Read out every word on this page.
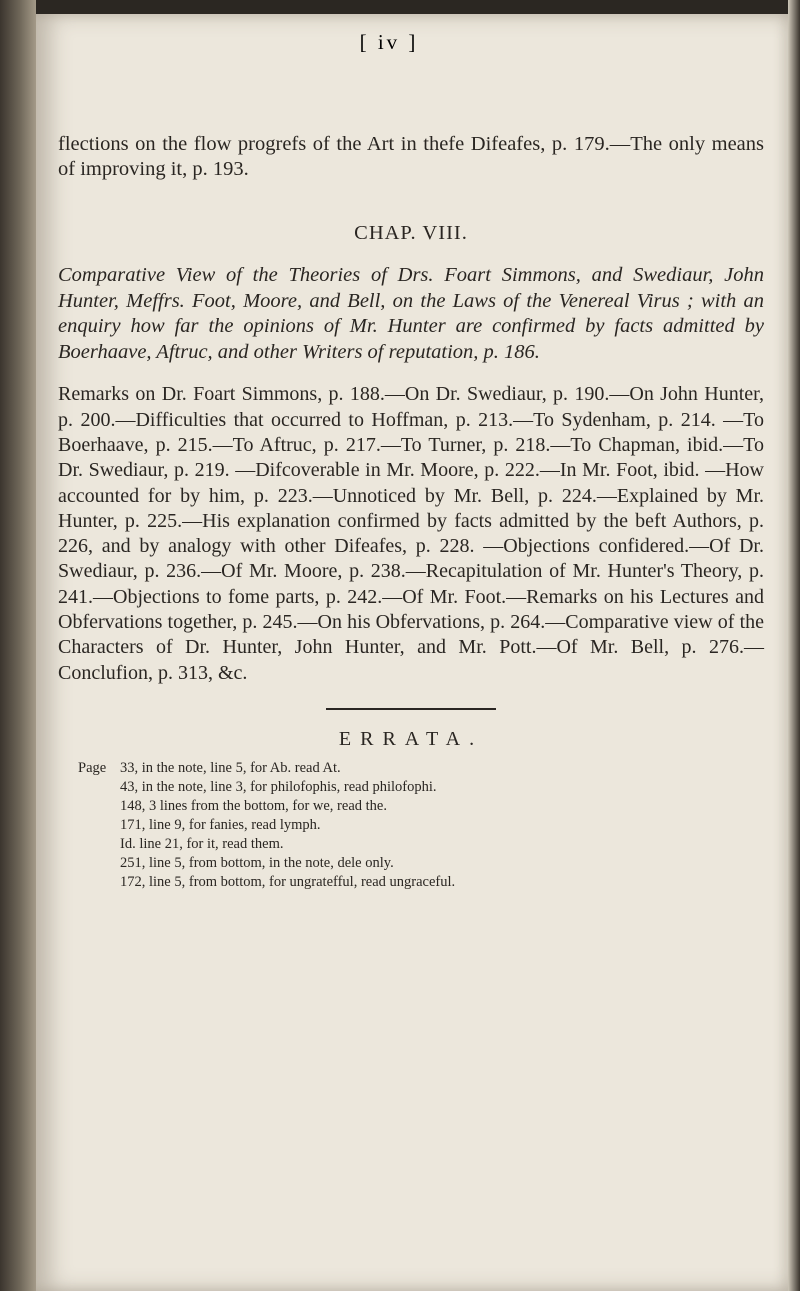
[ iv ]

flections on the flow progrefs of the Art in thefe Difeafes, p. 179.—The only means of improving it, p. 193.

CHAP. VIII.

Comparative View of the Theories of Drs. Foart Simmons, and Swediaur, John Hunter, Meffrs. Foot, Moore, and Bell, on the Laws of the Venereal Virus ; with an enquiry how far the opinions of Mr. Hunter are confirmed by facts admitted by Boerhaave, Aftruc, and other Writers of reputation, p. 186.

Remarks on Dr. Foart Simmons, p. 188.—On Dr. Swediaur, p. 190.—On John Hunter, p. 200.—Difficulties that occurred to Hoffman, p. 213.—To Sydenham, p. 214. —To Boerhaave, p. 215.—To Aftruc, p. 217.—To Turner, p. 218.—To Chapman, ibid.—To Dr. Swediaur, p. 219. —Difcoverable in Mr. Moore, p. 222.—In Mr. Foot, ibid. —How accounted for by him, p. 223.—Unnoticed by Mr. Bell, p. 224.—Explained by Mr. Hunter, p. 225.—His explanation confirmed by facts admitted by the beft Authors, p. 226, and by analogy with other Difeafes, p. 228. —Objections confidered.—Of Dr. Swediaur, p. 236.—Of Mr. Moore, p. 238.—Recapitulation of Mr. Hunter's Theory, p. 241.—Objections to fome parts, p. 242.—Of Mr. Foot.—Remarks on his Lectures and Obfervations together, p. 245.—On his Obfervations, p. 264.—Comparative view of the Characters of Dr. Hunter, John Hunter, and Mr. Pott.—Of Mr. Bell, p. 276.—Conclufion, p. 313, &c.

ERRATA.
Page 33, in the note, line 5, for Ab. read At.
43, in the note, line 3, for philofophis, read philofophi.
148, 3 lines from the bottom, for we, read the.
171, line 9, for fanies, read lymph.
Id. line 21, for it, read them.
251, line 5, from bottom, in the note, dele only.
172, line 5, from bottom, for ungratefful, read ungraceful.
